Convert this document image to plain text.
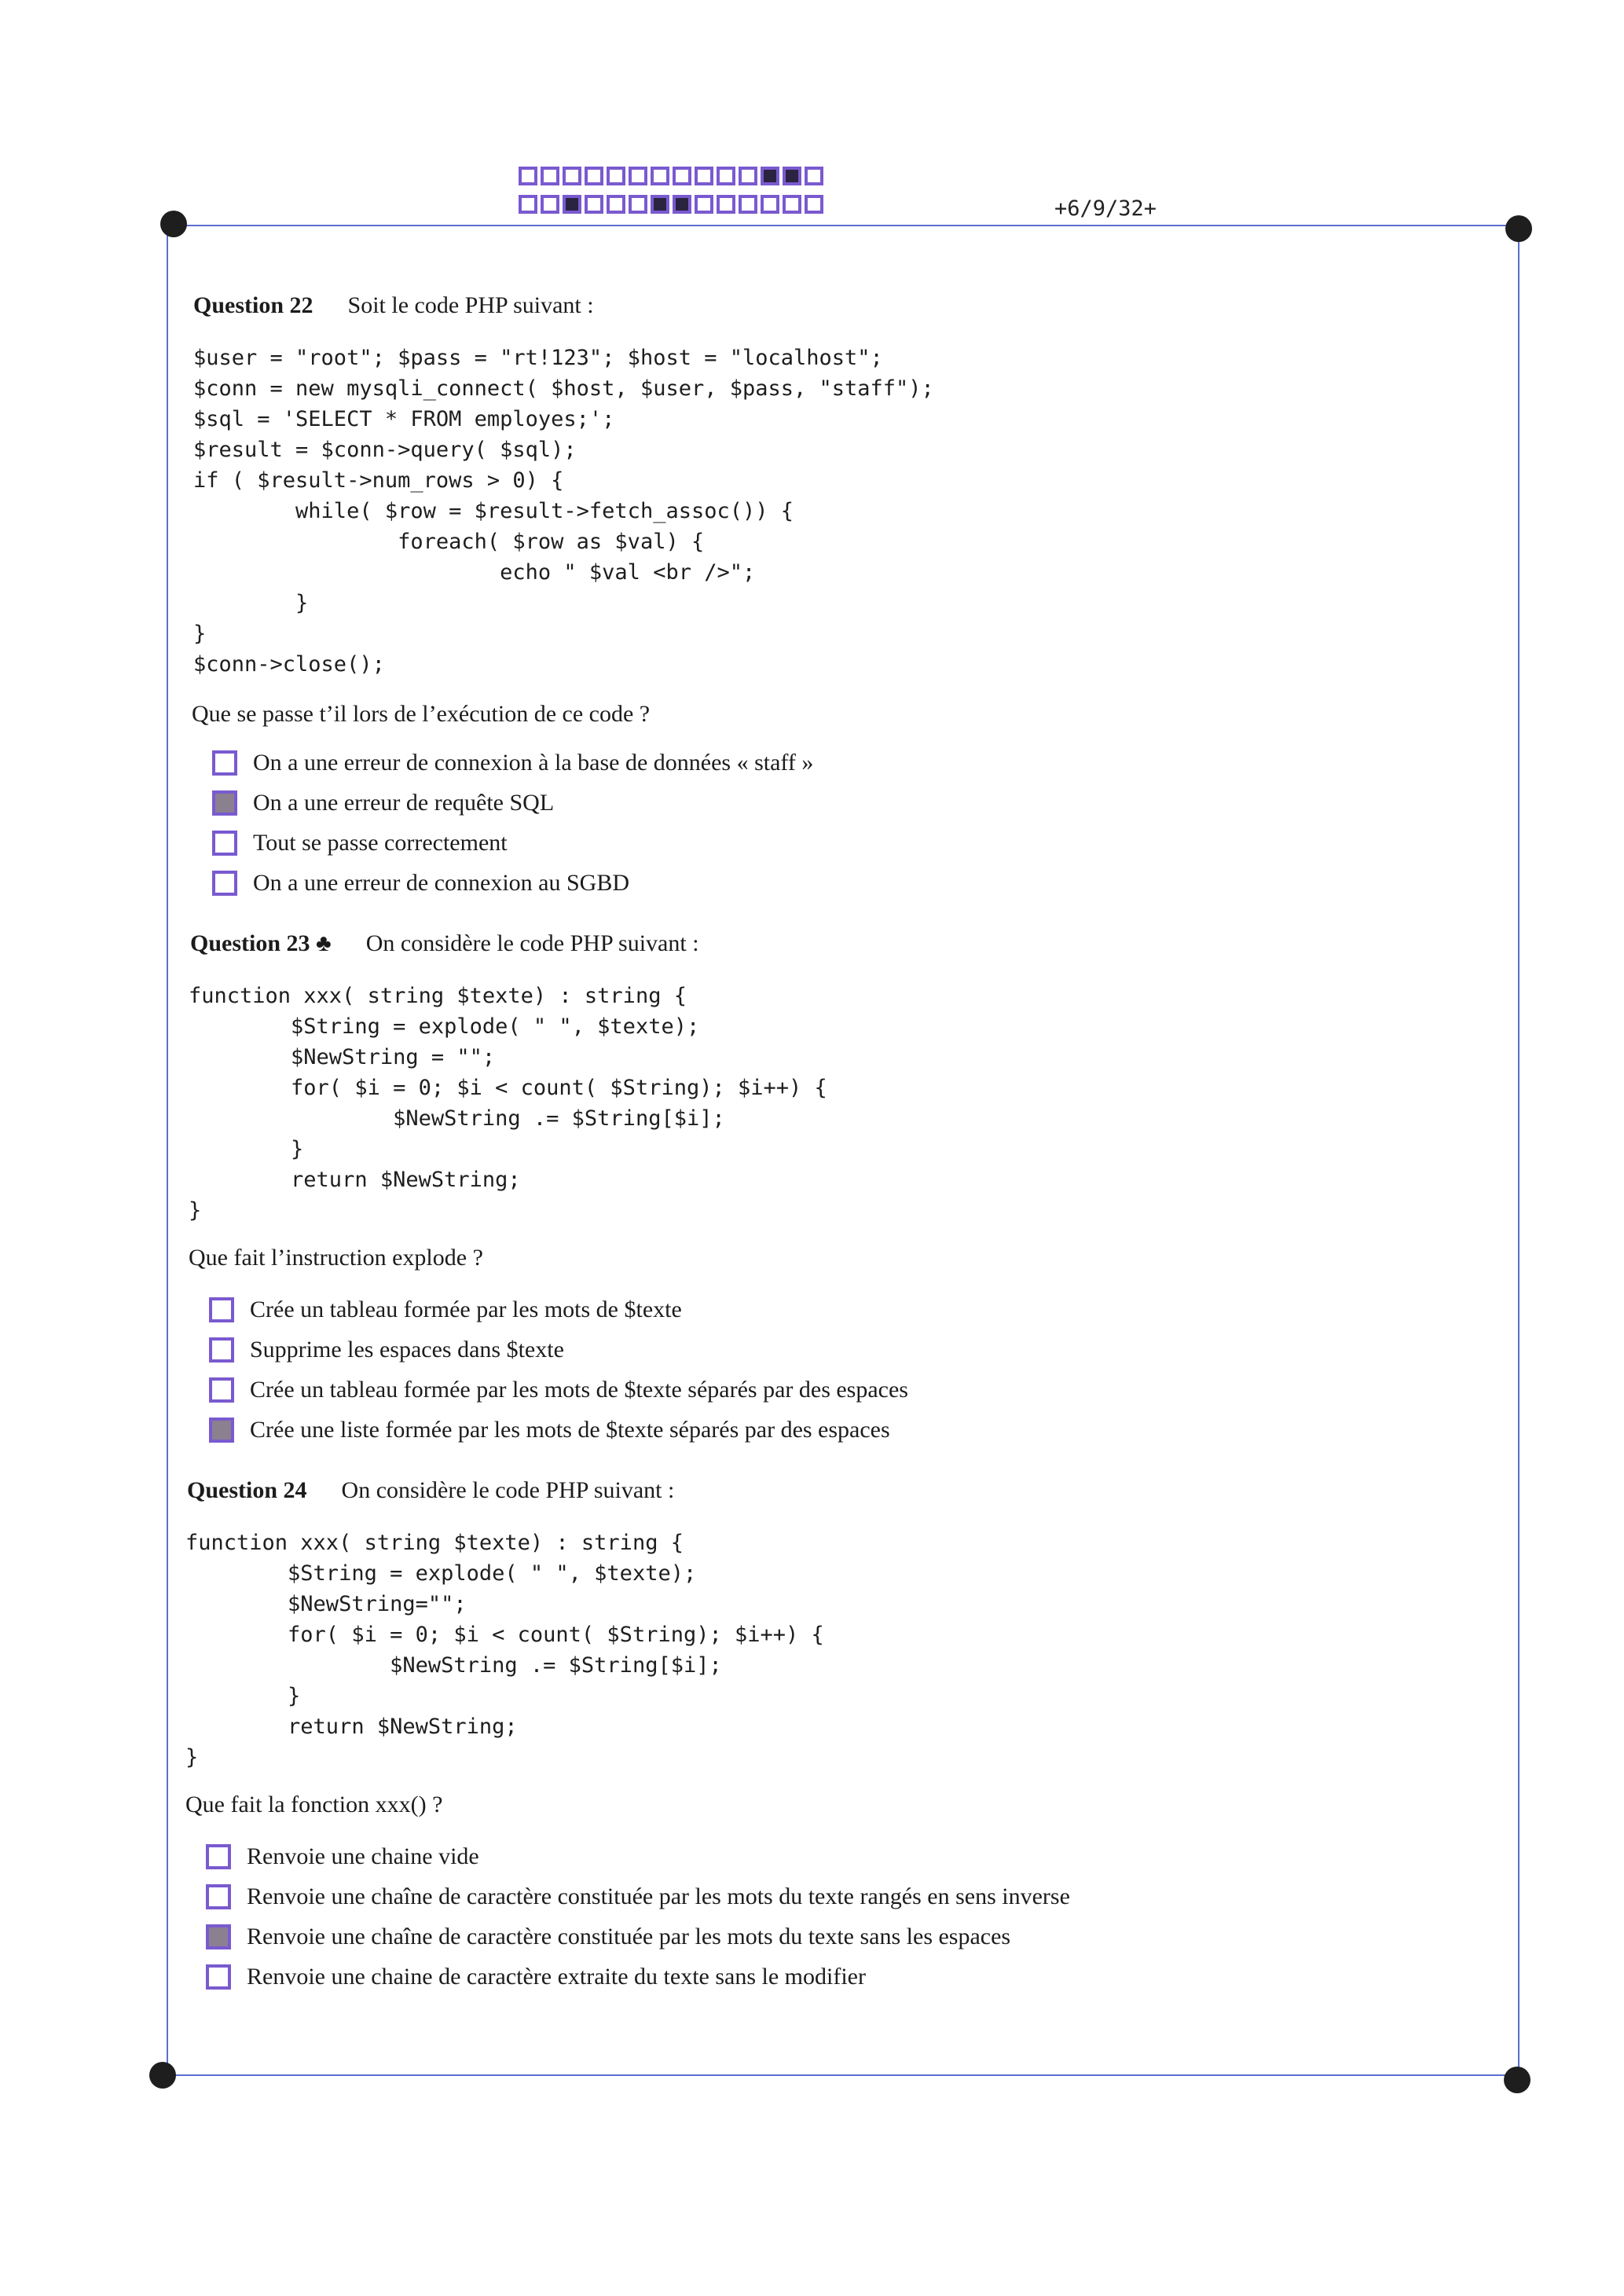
+6/9/32+
Question 22 Soit le code PHP suivant :
$user = "root"; $pass = "rt!123"; $host = "localhost";
$conn = new mysqli_connect( $host, $user, $pass, "staff");
$sql = 'SELECT * FROM employes;';
$result = $conn->query( $sql);
if ( $result->num_rows > 0) {
while( $row = $result->fetch_assoc()) {
foreach( $row as $val) {
echo " $val <br />";
}
}
$conn->close();
Que se passe t’il lors de l’exécution de ce code ?
On a une erreur de connexion à la base de données « staff »
On a une erreur de requête SQL
Tout se passe correctement
On a une erreur de connexion au SGBD
Question 23 ♣ On considère le code PHP suivant :
function xxx( string $texte) : string {
$String = explode( " ", $texte);
$NewString = "";
for( $i = 0; $i < count( $String); $i++) {
$NewString .= $String[$i];
}
return $NewString;
}
Que fait l’instruction explode ?
Crée un tableau formée par les mots de $texte
Supprime les espaces dans $texte
Crée un tableau formée par les mots de $texte séparés par des espaces
Crée une liste formée par les mots de $texte séparés par des espaces
Question 24 On considère le code PHP suivant :
function xxx( string $texte) : string {
$String = explode( " ", $texte);
$NewString="";
for( $i = 0; $i < count( $String); $i++) {
$NewString .= $String[$i];
}
return $NewString;
}
Que fait la fonction xxx() ?
Renvoie une chaine vide
Renvoie une chaîne de caractère constituée par les mots du texte rangés en sens inverse
Renvoie une chaîne de caractère constituée par les mots du texte sans les espaces
Renvoie une chaine de caractère extraite du texte sans le modifier
